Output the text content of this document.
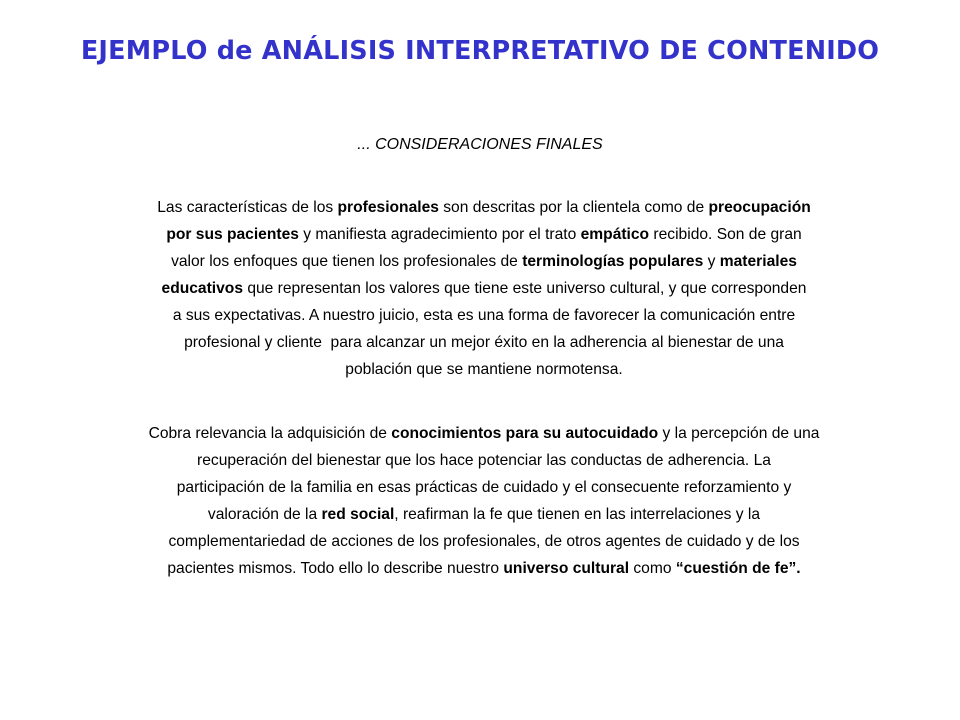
EJEMPLO de ANÁLISIS INTERPRETATIVO DE CONTENIDO
... CONSIDERACIONES FINALES
Las características de los profesionales son descritas por la clientela como de preocupación
por sus pacientes y manifiesta agradecimiento por el trato empático recibido. Son de gran
valor los enfoques que tienen los profesionales de terminologías populares y materiales
educativos que representan los valores que tiene este universo cultural, y que corresponden
a sus expectativas. A nuestro juicio, esta es una forma de favorecer la comunicación entre
profesional y cliente  para alcanzar un mejor éxito en la adherencia al bienestar de una
población que se mantiene normotensa.
Cobra relevancia la adquisición de conocimientos para su autocuidado y la percepción de una
recuperación del bienestar que los hace potenciar las conductas de adherencia. La
participación de la familia en esas prácticas de cuidado y el consecuente reforzamiento y
valoración de la red social, reafirman la fe que tienen en las interrelaciones y la
complementariedad de acciones de los profesionales, de otros agentes de cuidado y de los
pacientes mismos. Todo ello lo describe nuestro universo cultural como “cuestión de fe”.
